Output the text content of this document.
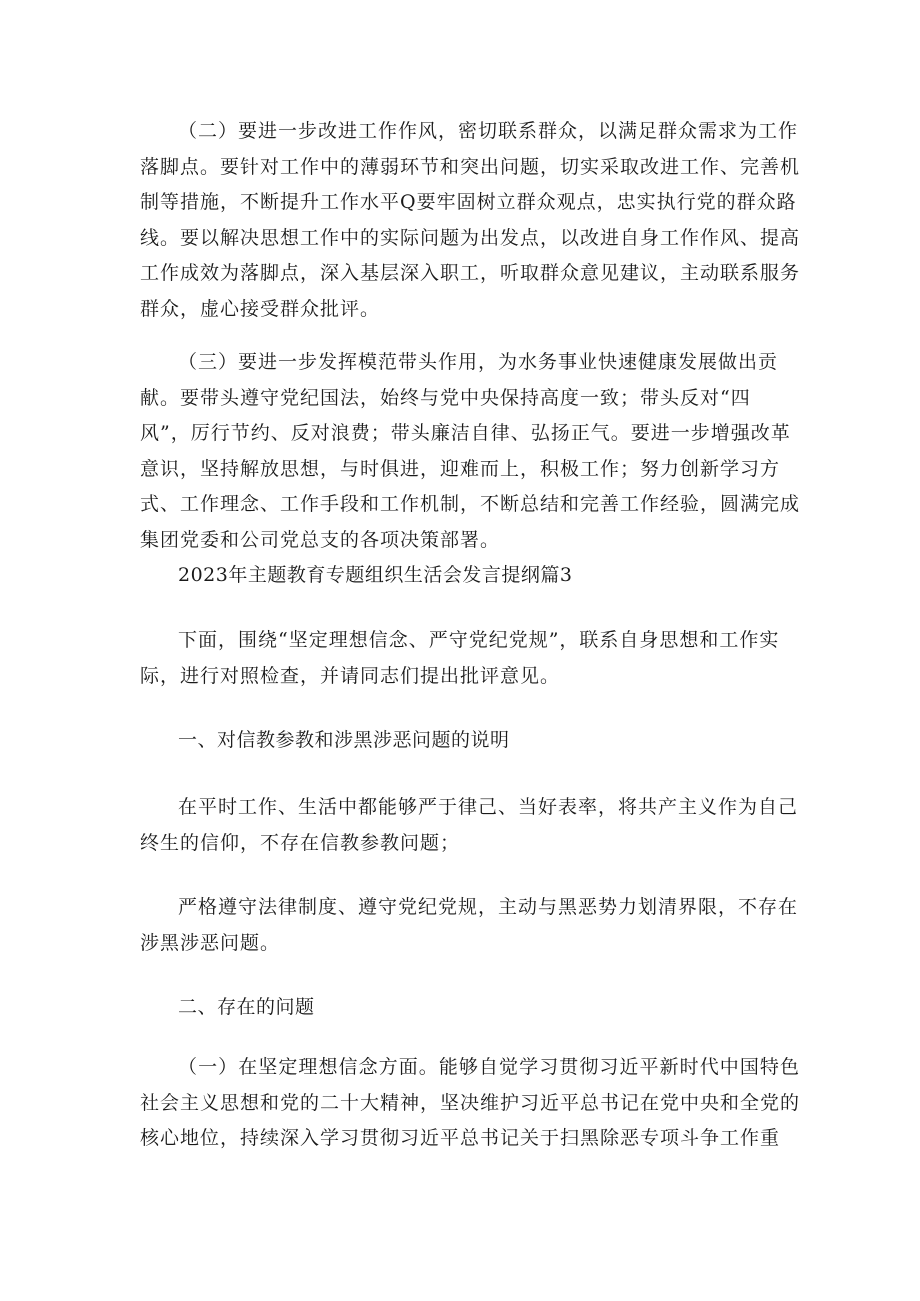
（二）要进一步改进工作作风，密切联系群众，以满足群众需求为工作落脚点。要针对工作中的薄弱环节和突出问题，切实采取改进工作、完善机制等措施，不断提升工作水平Q要牢固树立群众观点，忠实执行党的群众路线。要以解决思想工作中的实际问题为出发点，以改进自身工作作风、提高工作成效为落脚点，深入基层深入职工，听取群众意见建议，主动联系服务群众，虚心接受群众批评。

（三）要进一步发挥模范带头作用，为水务事业快速健康发展做出贡献。要带头遵守党纪国法，始终与党中央保持高度一致；带头反对“四风”，厉行节约、反对浪费；带头廉洁自律、弘扬正气。要进一步增强改革意识，坚持解放思想，与时俱进，迎难而上，积极工作；努力创新学习方式、工作理念、工作手段和工作机制，不断总结和完善工作经验，圆满完成集团党委和公司党总支的各项决策部署。

2023年主题教育专题组织生活会发言提纲篇3

下面，围绕“坚定理想信念、严守党纪党规”，联系自身思想和工作实际，进行对照检查，并请同志们提出批评意见。

一、对信教参教和涉黑涉恶问题的说明

在平时工作、生活中都能够严于律己、当好表率，将共产主义作为自己终生的信仰，不存在信教参教问题；

严格遵守法律制度、遵守党纪党规，主动与黑恶势力划清界限，不存在涉黑涉恶问题。

二、存在的问题

（一）在坚定理想信念方面。能够自觉学习贯彻习近平新时代中国特色社会主义思想和党的二十大精神，坚决维护习近平总书记在党中央和全党的核心地位，持续深入学习贯彻习近平总书记关于扫黑除恶专项斗争工作重
